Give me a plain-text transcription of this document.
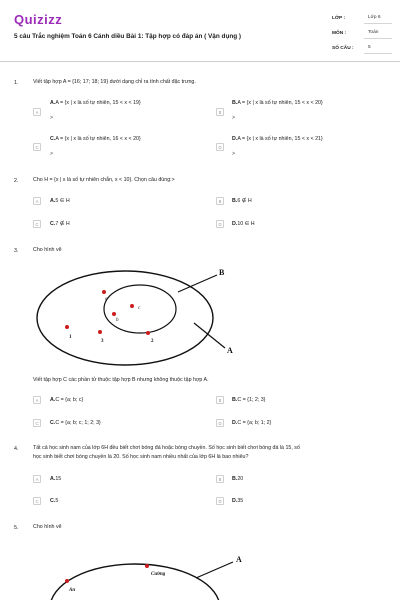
Quizizz
5 câu Trắc nghiệm Toán 6 Cánh diều Bài 1: Tập hợp có đáp án ( Vận dụng )
LỚP :	Lớp 6
MÔN :	Toán
SỐ CÂU :	5
1.	Viết tập hợp A = {16; 17; 18; 19} dưới dạng chỉ ra tính chất đặc trưng.
A
A.A = {x | x là số tự nhiên, 15 < x < 19}
>
B
B.A = {x | x là số tự nhiên, 15 < x < 20}
>
C
C.A = {x | x là số tự nhiên, 16 < x < 20}
>
D
D.A = {x | x là số tự nhiên, 15 < x < 21}
>
2.	Cho H = {x | x là số tự nhiên chẵn, x < 10}. Chọn câu đúng:>
A	A.5 ∈ H	B	B.6 ∉ H
C	C.7 ∉ H	D	D.10 ∈ H
3.	Cho hình vẽ
B
A
a
c
b
1
3	2
Viết tập hợp C các phần tử thuộc tập hợp B nhưng không thuộc tập hợp A.
A	A.C = {a; b; c}	B	B.C = {1; 2; 3}
C	C.C = {a; b; c; 1; 2; 3}	D	D.C = {a; b; 1; 2}
4.	Tất cả học sinh nam của lớp 6H đều biết chơi bóng đá hoặc bóng chuyền. Số học sinh biết chơi bóng đá là 15, số
học sinh biết chơi bóng chuyền là 20. Số học sinh nam nhiều nhất của lớp 6H là bao nhiêu?
A	A.15	B	B.20
C	C.5	D	D.35
5.	Cho hình vẽ
A
Cường
An
